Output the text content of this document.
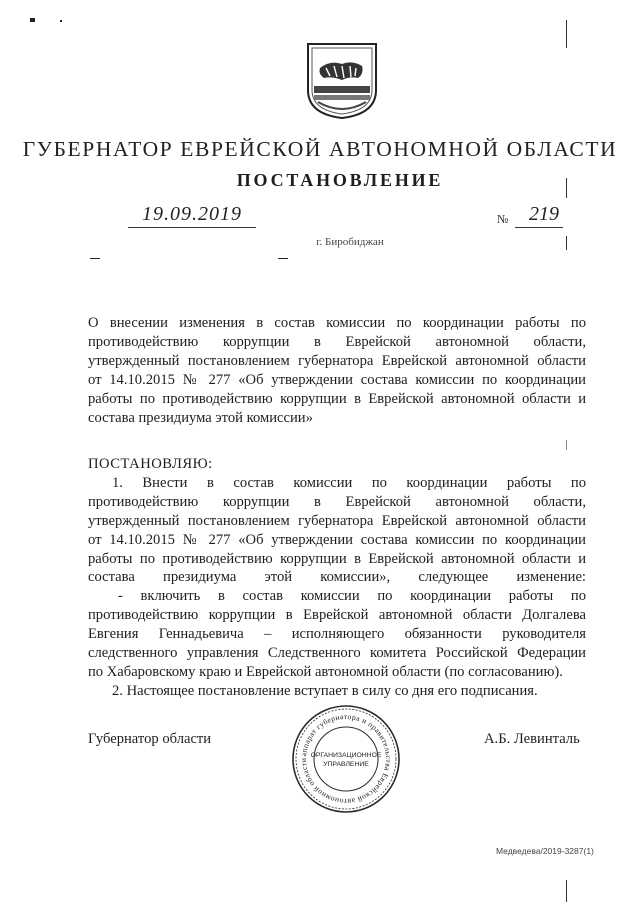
ГУБЕРНАТОР ЕВРЕЙСКОЙ АВТОНОМНОЙ ОБЛАСТИ
ПОСТАНОВЛЕНИЕ
19.09.2019	№ 219
г. Биробиджан

О внесении изменения в состав комиссии по координации работы по

противодействию коррупции в Еврейской автономной области,

утвержденный постановлением губернатора Еврейской автономной области

от 14.10.2015 № 277 «Об утверждении состава комиссии по координации

работы по противодействию коррупции в Еврейской автономной области и

состава президиума этой комиссии»

ПОСТАНОВЛЯЮ:

1. Внести в состав комиссии по координации работы по

противодействию коррупции в Еврейской автономной области,

утвержденный постановлением губернатора Еврейской автономной области

от 14.10.2015 № 277 «Об утверждении состава комиссии по координации

работы по противодействию коррупции в Еврейской автономной области и

состава президиума этой комиссии», следующее изменение:

- включить в состав комиссии по координации работы по

противодействию коррупции в Еврейской автономной области Долгалева

Евгения Геннадьевича – исполняющего обязанности руководителя

следственного управления Следственного комитета Российской Федерации

по Хабаровскому краю и Еврейской автономной области (по согласованию).

2. Настоящее постановление вступает в силу со дня его подписания.

Губернатор области	А.Б. Левинталь
аппарат губернатора и правительства Еврейской автономной области
ОРГАНИЗАЦИОННОЕ
УПРАВЛЕНИЕ
Медведева/2019-3287(1)
